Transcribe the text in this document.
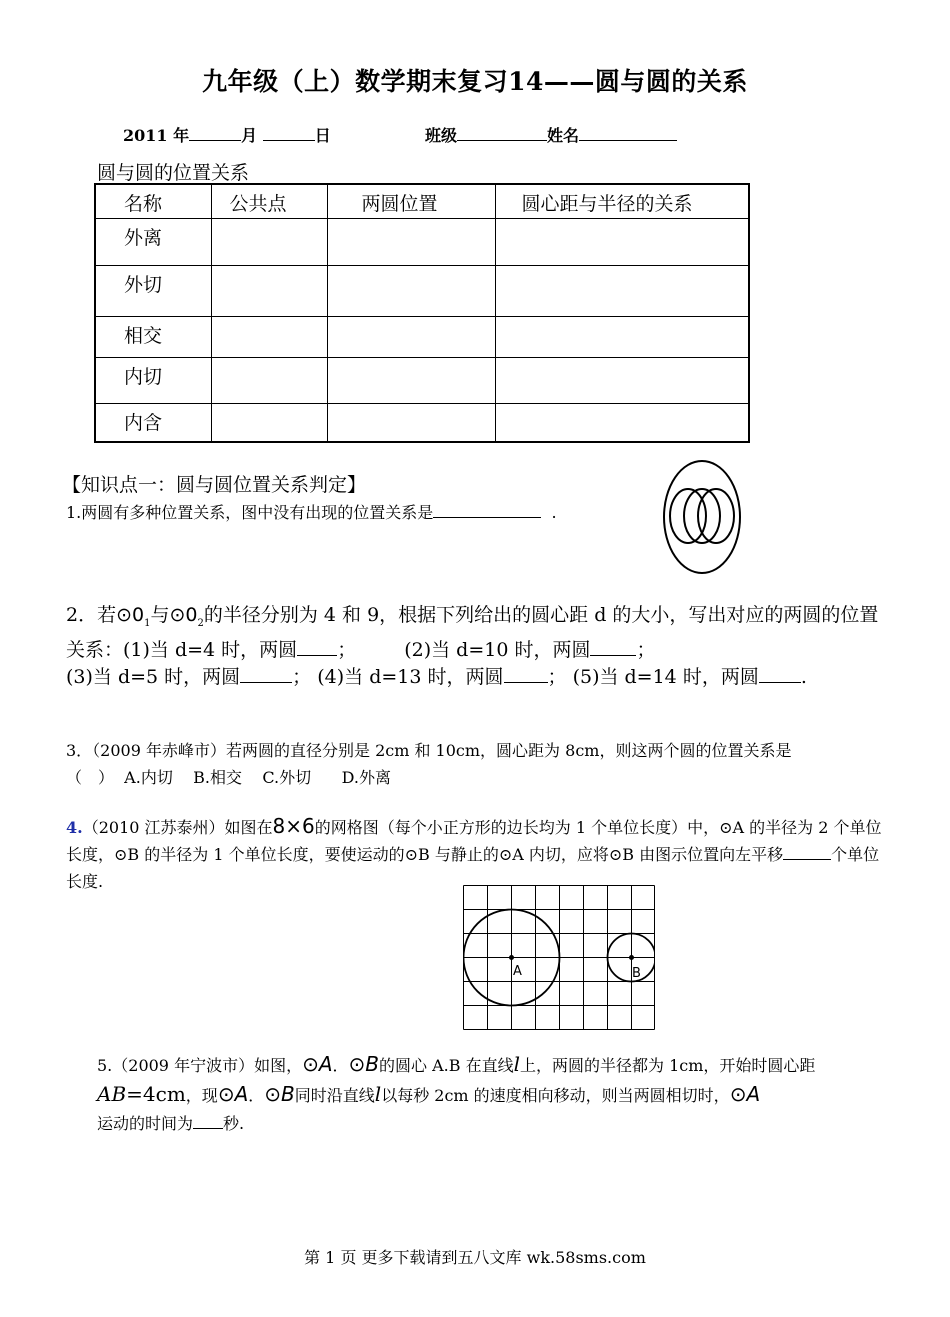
九年级（上）数学期末复习14——圆与圆的关系
2011 年	月	日	班级	姓名
圆与圆的位置关系
名称	公共点	两圆位置	圆心距与半径的关系
外离			
外切			
相交			
内切			
内含			
【知识点一：圆与圆位置关系判定】
1.两圆有多种位置关系，图中没有出现的位置关系是	.
2．若$⊙0_1$与$⊙0_2$的半径分别为 4 和 9，根据下列给出的圆心距 d 的大小，写出对应的两圆的位置关系：(1)当 d=4 时，两圆 ；	(2)当 d=10 时，两圆 ；
(3)当 d=5 时，两圆	； (4)当 d=13 时，两圆 ； (5)当 d=14 时，两圆 .
3．（2009 年赤峰市）若两圆的直径分别是 2cm 和 10cm，圆心距为 8cm，则这两个圆的位置关系是
（　）  A.内切    B.相交    C.外切      D.外离
4.（2010 江苏泰州）如图在8×6的网格图（每个小正方形的边长均为 1 个单位长度）中，⊙A 的半径为 2 个单位长度，⊙B 的半径为 1 个单位长度，要使运动的⊙B 与静止的⊙A 内切，应将⊙B 由图示位置向左平移	个单位长度.
A	B
5.（2009 年宁波市）如图，⊙A．⊙B的圆心 A.B 在直线l上，两圆的半径都为 1cm，开始时圆心距
AB=4cm，现⊙A．⊙B同时沿直线l以每秒 2cm 的速度相向移动，则当两圆相切时，⊙A
运动的时间为 秒.
第 1 页 更多下载请到五八文库 wk.58sms.com
